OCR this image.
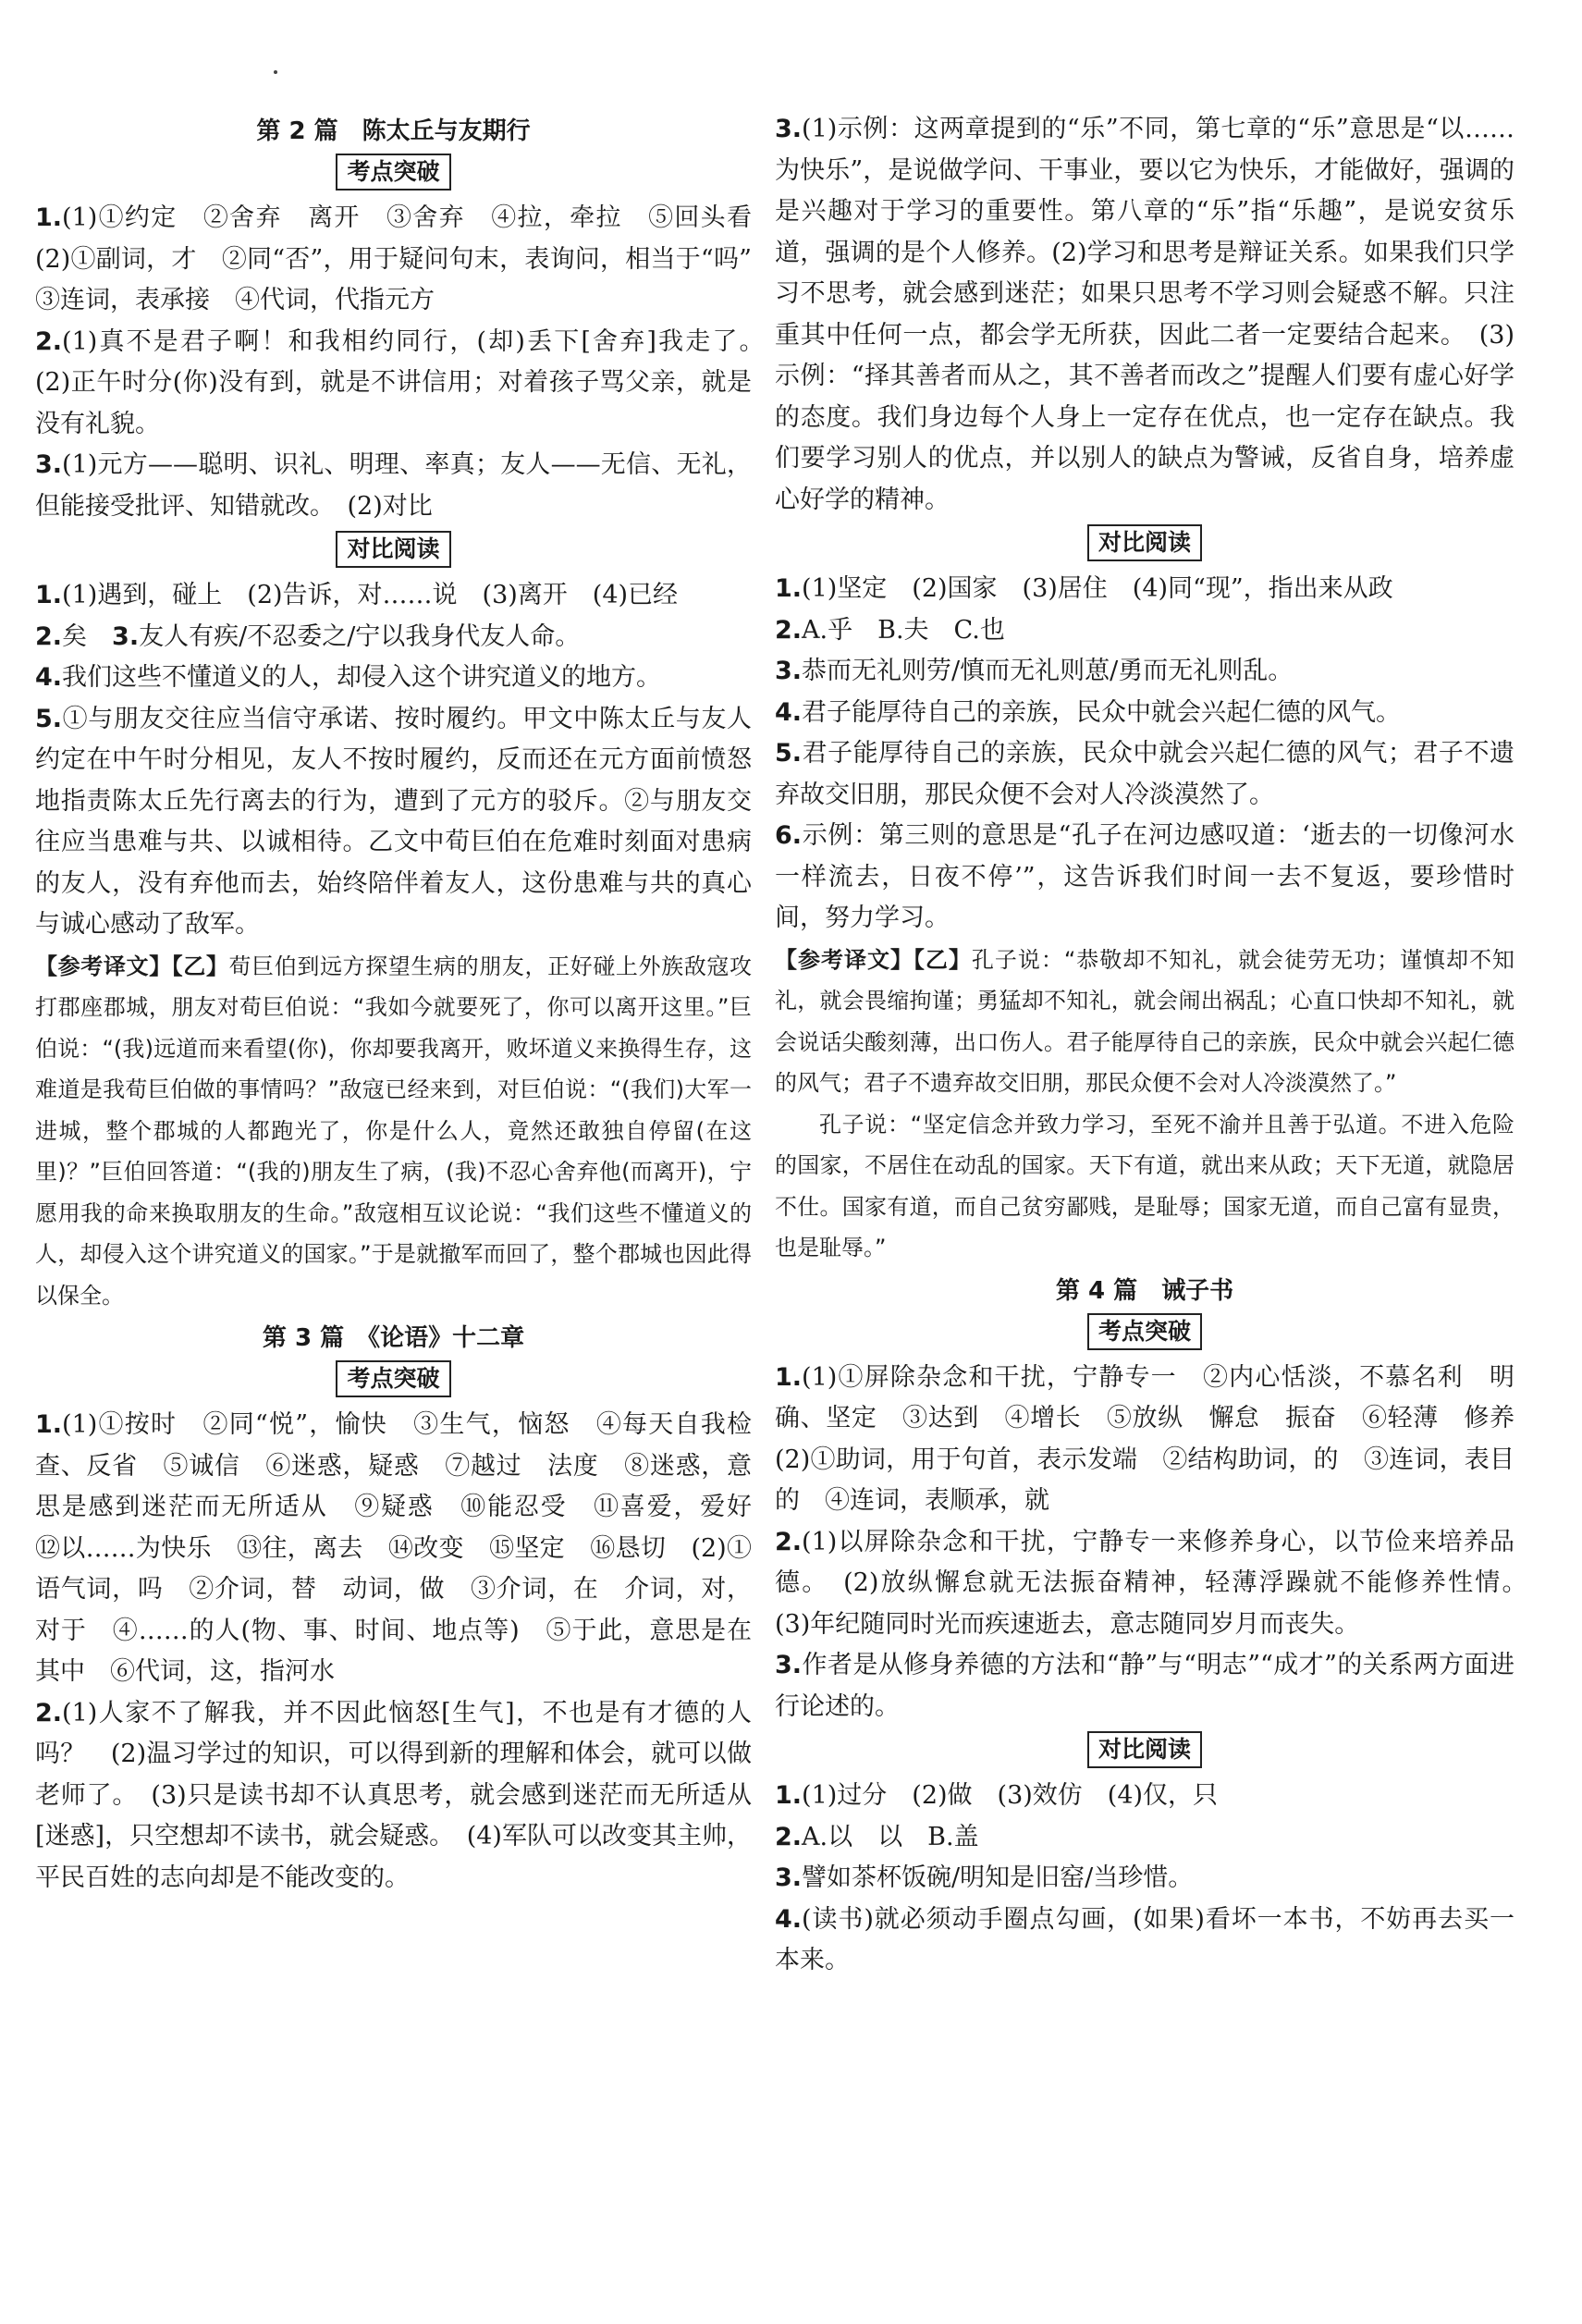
第 2 篇　陈太丘与友期行
考点突破
1.(1)①约定　②舍弃　离开　③舍弃　④拉，牵拉　⑤回头看　(2)①副词，才　②同“否”，用于疑问句末，表询问，相当于“吗”　③连词，表承接　④代词，代指元方
2.(1)真不是君子啊！和我相约同行，(却)丢下[舍弃]我走了。　(2)正午时分(你)没有到，就是不讲信用；对着孩子骂父亲，就是没有礼貌。
3.(1)元方——聪明、识礼、明理、率真；友人——无信、无礼，但能接受批评、知错就改。　(2)对比
对比阅读
1.(1)遇到，碰上　(2)告诉，对……说　(3)离开　(4)已经
2.矣　3.友人有疾/不忍委之/宁以我身代友人命。
4.我们这些不懂道义的人，却侵入这个讲究道义的地方。
5.①与朋友交往应当信守承诺、按时履约。甲文中陈太丘与友人约定在中午时分相见，友人不按时履约，反而还在元方面前愤怒地指责陈太丘先行离去的行为，遭到了元方的驳斥。②与朋友交往应当患难与共、以诚相待。乙文中荀巨伯在危难时刻面对患病的友人，没有弃他而去，始终陪伴着友人，这份患难与共的真心与诚心感动了敌军。
【参考译文】【乙】荀巨伯到远方探望生病的朋友，正好碰上外族敌寇攻打郡座郡城，朋友对荀巨伯说：“我如今就要死了，你可以离开这里。”巨伯说：“(我)远道而来看望(你)，你却要我离开，败坏道义来换得生存，这难道是我荀巨伯做的事情吗？”敌寇已经来到，对巨伯说：“(我们)大军一进城，整个郡城的人都跑光了，你是什么人，竟然还敢独自停留(在这里)？”巨伯回答道：“(我的)朋友生了病，(我)不忍心舍弃他(而离开)，宁愿用我的命来换取朋友的生命。”敌寇相互议论说：“我们这些不懂道义的人，却侵入这个讲究道义的国家。”于是就撤军而回了，整个郡城也因此得以保全。
第 3 篇　《论语》十二章
考点突破
1.(1)①按时　②同“悦”，愉快　③生气，恼怒　④每天自我检查、反省　⑤诚信　⑥迷惑，疑惑　⑦越过　法度　⑧迷惑，意思是感到迷茫而无所适从　⑨疑惑　⑩能忍受　⑪喜爱，爱好　⑫以……为快乐　⑬往，离去　⑭改变　⑮坚定　⑯恳切　(2)①语气词，吗　②介词，替　动词，做　③介词，在　介词，对，对于　④……的人(物、事、时间、地点等)　⑤于此，意思是在其中　⑥代词，这，指河水
2.(1)人家不了解我，并不因此恼怒[生气]，不也是有才德的人吗？　(2)温习学过的知识，可以得到新的理解和体会，就可以做老师了。　(3)只是读书却不认真思考，就会感到迷茫而无所适从[迷惑]，只空想却不读书，就会疑惑。　(4)军队可以改变其主帅，平民百姓的志向却是不能改变的。
3.(1)示例：这两章提到的“乐”不同，第七章的“乐”意思是“以……为快乐”，是说做学问、干事业，要以它为快乐，才能做好，强调的是兴趣对于学习的重要性。第八章的“乐”指“乐趣”，是说安贫乐道，强调的是个人修养。(2)学习和思考是辩证关系。如果我们只学习不思考，就会感到迷茫；如果只思考不学习则会疑惑不解。只注重其中任何一点，都会学无所获，因此二者一定要结合起来。　(3)示例：“择其善者而从之，其不善者而改之”提醒人们要有虚心好学的态度。我们身边每个人身上一定存在优点，也一定存在缺点。我们要学习别人的优点，并以别人的缺点为警诫，反省自身，培养虚心好学的精神。
对比阅读
1.(1)坚定　(2)国家　(3)居住　(4)同“现”，指出来从政
2.A.乎　B.夫　C.也
3.恭而无礼则劳/慎而无礼则葸/勇而无礼则乱。
4.君子能厚待自己的亲族，民众中就会兴起仁德的风气。
5.君子能厚待自己的亲族，民众中就会兴起仁德的风气；君子不遗弃故交旧朋，那民众便不会对人冷淡漠然了。
6.示例：第三则的意思是“孔子在河边感叹道：‘逝去的一切像河水一样流去，日夜不停’”，这告诉我们时间一去不复返，要珍惜时间，努力学习。
【参考译文】【乙】孔子说：“恭敬却不知礼，就会徒劳无功；谨慎却不知礼，就会畏缩拘谨；勇猛却不知礼，就会闹出祸乱；心直口快却不知礼，就会说话尖酸刻薄，出口伤人。君子能厚待自己的亲族，民众中就会兴起仁德的风气；君子不遗弃故交旧朋，那民众便不会对人冷淡漠然了。”
孔子说：“坚定信念并致力学习，至死不渝并且善于弘道。不进入危险的国家，不居住在动乱的国家。天下有道，就出来从政；天下无道，就隐居不仕。国家有道，而自己贫穷鄙贱，是耻辱；国家无道，而自己富有显贵，也是耻辱。”
第 4 篇　诫子书
考点突破
1.(1)①屏除杂念和干扰，宁静专一　②内心恬淡，不慕名利　明确、坚定　③达到　④增长　⑤放纵　懈怠　振奋　⑥轻薄　修养　(2)①助词，用于句首，表示发端　②结构助词，的　③连词，表目的　④连词，表顺承，就
2.(1)以屏除杂念和干扰，宁静专一来修养身心，以节俭来培养品德。　(2)放纵懈怠就无法振奋精神，轻薄浮躁就不能修养性情。　(3)年纪随同时光而疾速逝去，意志随同岁月而丧失。
3.作者是从修身养德的方法和“静”与“明志”“成才”的关系两方面进行论述的。
对比阅读
1.(1)过分　(2)做　(3)效仿　(4)仅，只
2.A.以　以　B.盖
3.譬如茶杯饭碗/明知是旧窑/当珍惜。
4.(读书)就必须动手圈点勾画，(如果)看坏一本书，不妨再去买一本来。
